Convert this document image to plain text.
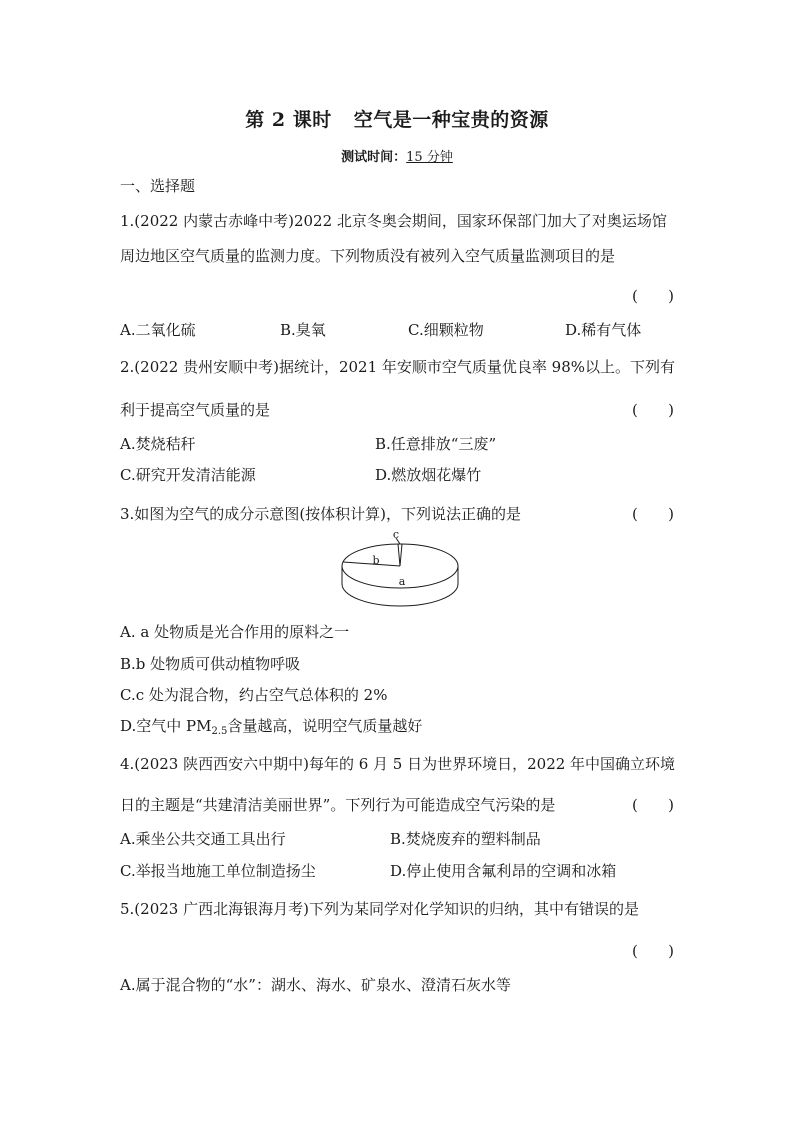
第 2 课时 空气是一种宝贵的资源
测试时间：15 分钟
一、选择题
1.(2022 内蒙古赤峰中考)2022 北京冬奥会期间，国家环保部门加大了对奥运场馆
周边地区空气质量的监测力度。下列物质没有被列入空气质量监测项目的是
( )
A.二氧化硫	B.臭氧	C.细颗粒物	D.稀有气体
2.(2022 贵州安顺中考)据统计，2021 年安顺市空气质量优良率 98%以上。下列有
利于提高空气质量的是	( )
A.焚烧秸秆	B.任意排放“三废”
C.研究开发清洁能源	D.燃放烟花爆竹
3.如图为空气的成分示意图(按体积计算)，下列说法正确的是	( )
c
b
a
A. a 处物质是光合作用的原料之一
B.b 处物质可供动植物呼吸
C.c 处为混合物，约占空气总体积的 2%
D.空气中 $PM_{2.5}$含量越高，说明空气质量越好
4.(2023 陕西西安六中期中)每年的 6 月 5 日为世界环境日，2022 年中国确立环境
日的主题是“共建清洁美丽世界”。下列行为可能造成空气污染的是	( )
A.乘坐公共交通工具出行	B.焚烧废弃的塑料制品
C.举报当地施工单位制造扬尘	D.停止使用含氟利昂的空调和冰箱
5.(2023 广西北海银海月考)下列为某同学对化学知识的归纳，其中有错误的是
( )
A.属于混合物的“水”：湖水、海水、矿泉水、澄清石灰水等
